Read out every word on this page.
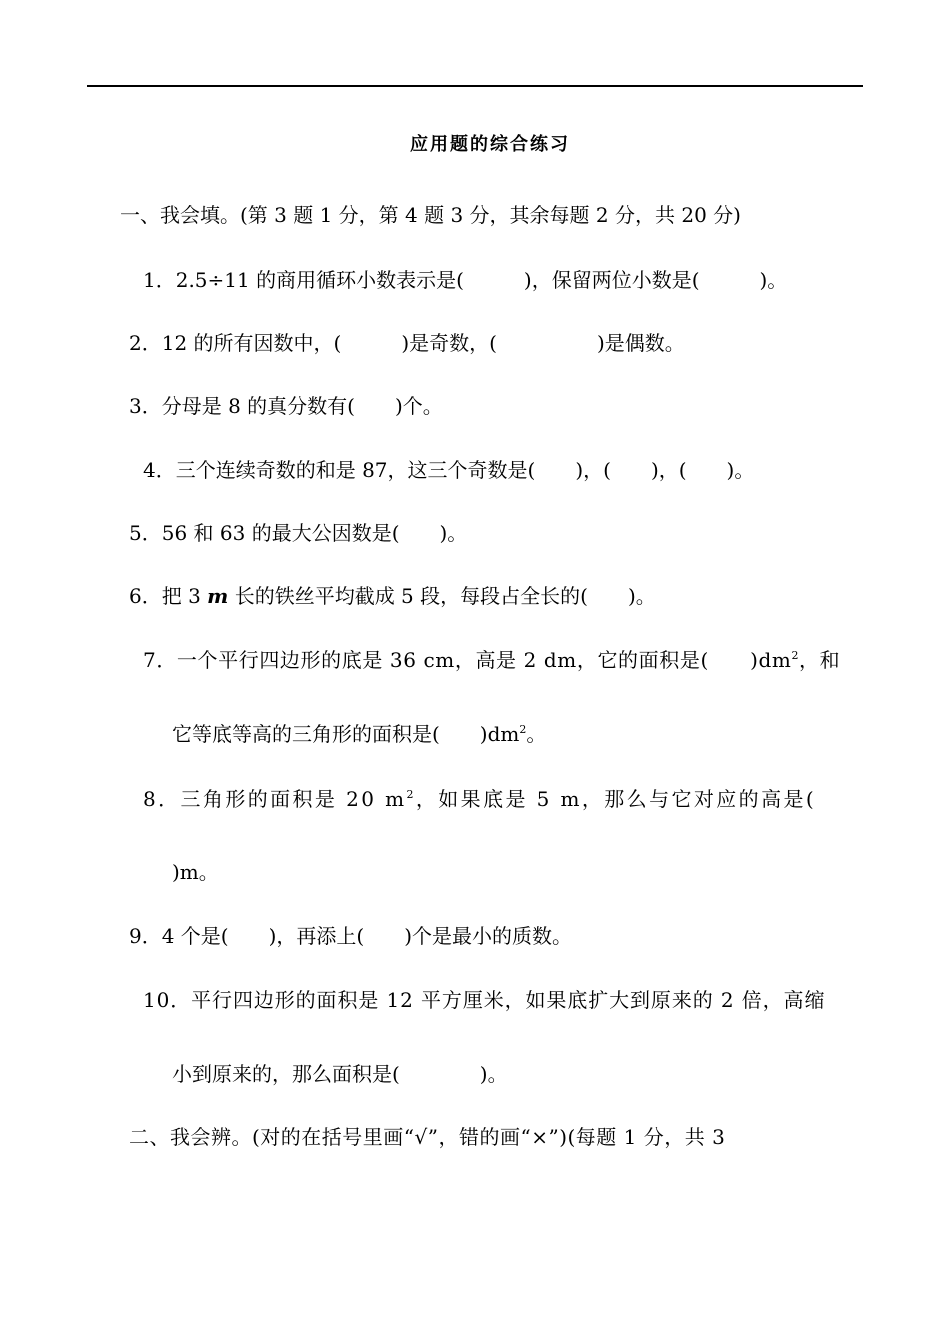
应用题的综合练习
一、我会填。(第 3 题 1 分，第 4 题 3 分，其余每题 2 分，共 20 分)
1．2.5÷11 的商用循环小数表示是(　　　)，保留两位小数是(　　　)。
2．12 的所有因数中，(　　　)是奇数，(　　　　　)是偶数。
3．分母是 8 的真分数有(　　)个。
4．三个连续奇数的和是 87，这三个奇数是(　　)，(　　)，(　　)。
5．56 和 63 的最大公因数是(　　)。
6．把 3 m 长的铁丝平均截成 5 段，每段占全长的(　　)。
7．一个平行四边形的底是 36 cm，高是 2 dm，它的面积是(　　)$dm^2$，和
它等底等高的三角形的面积是(　　)$dm^2$。
8．三角形的面积是 20 $m^2$，如果底是 5 m，那么与它对应的高是(
)m。
9．4 个是(　　)，再添上(　　)个是最小的质数。
10．平行四边形的面积是 12 平方厘米，如果底扩大到原来的 2 倍，高缩
小到原来的，那么面积是(　　　　)。
二、我会辨。(对的在括号里画“√”，错的画“×”)(每题 1 分，共 3
